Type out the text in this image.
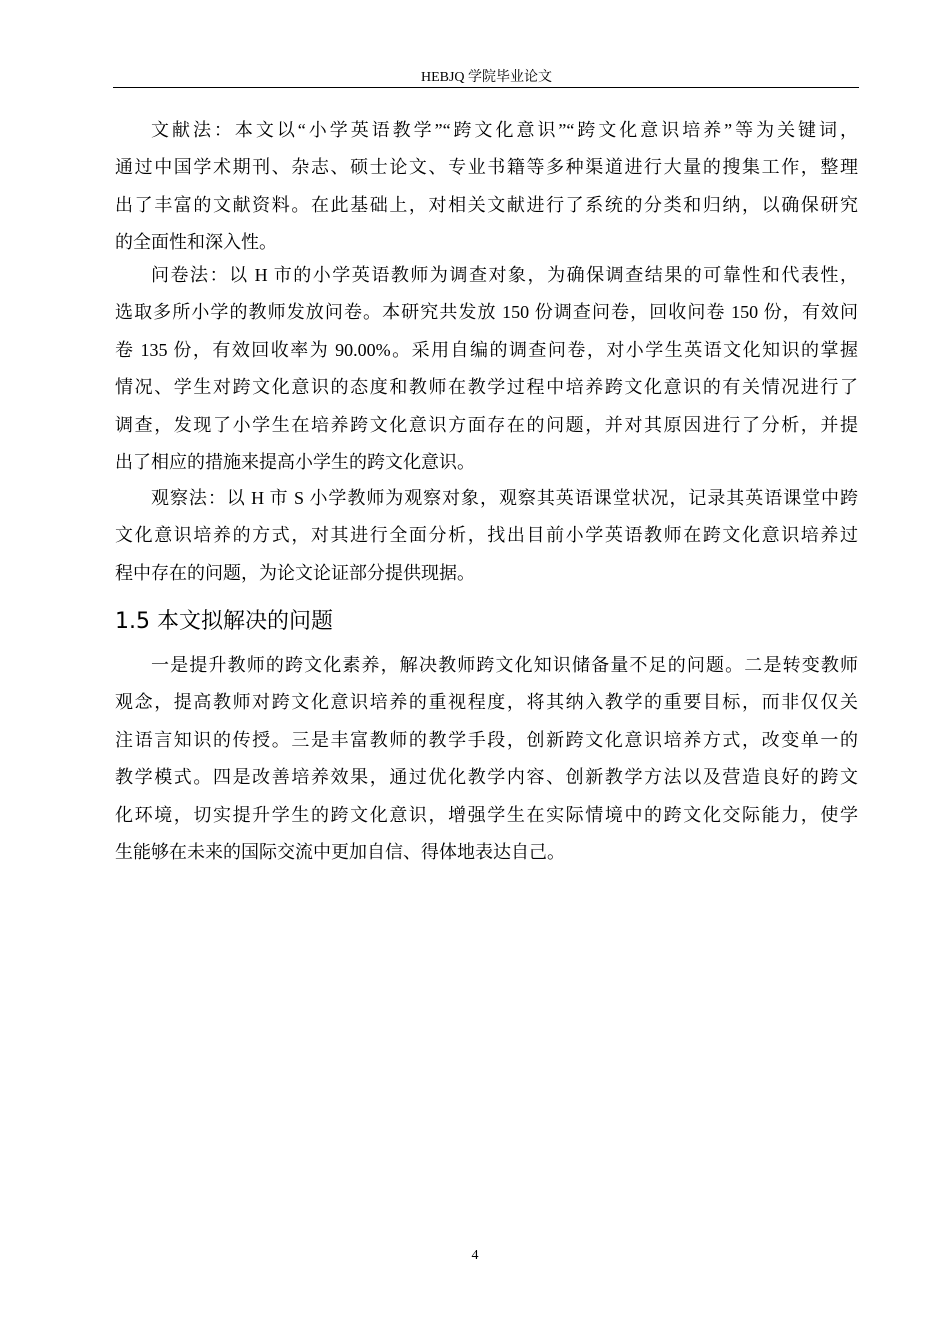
HEBJQ 学院毕业论文
文献法：本文以“小学英语教学”“跨文化意识”“跨文化意识培养”等为关键词，
通过中国学术期刊、杂志、硕士论文、专业书籍等多种渠道进行大量的搜集工作，整理
出了丰富的文献资料。在此基础上，对相关文献进行了系统的分类和归纳，以确保研究
的全面性和深入性。
问卷法：以 H 市的小学英语教师为调查对象，为确保调查结果的可靠性和代表性，
选取多所小学的教师发放问卷。本研究共发放 150 份调查问卷，回收问卷 150 份，有效问
卷 135 份，有效回收率为 90.00%。采用自编的调查问卷，对小学生英语文化知识的掌握
情况、学生对跨文化意识的态度和教师在教学过程中培养跨文化意识的有关情况进行了
调查，发现了小学生在培养跨文化意识方面存在的问题，并对其原因进行了分析，并提
出了相应的措施来提高小学生的跨文化意识。
观察法：以 H 市 S 小学教师为观察对象，观察其英语课堂状况，记录其英语课堂中跨
文化意识培养的方式，对其进行全面分析，找出目前小学英语教师在跨文化意识培养过
程中存在的问题，为论文论证部分提供现据。
1.5 本文拟解决的问题
一是提升教师的跨文化素养，解决教师跨文化知识储备量不足的问题。二是转变教师
观念，提高教师对跨文化意识培养的重视程度，将其纳入教学的重要目标，而非仅仅关
注语言知识的传授。三是丰富教师的教学手段，创新跨文化意识培养方式，改变单一的
教学模式。四是改善培养效果，通过优化教学内容、创新教学方法以及营造良好的跨文
化环境，切实提升学生的跨文化意识，增强学生在实际情境中的跨文化交际能力，使学
生能够在未来的国际交流中更加自信、得体地表达自己。
4
